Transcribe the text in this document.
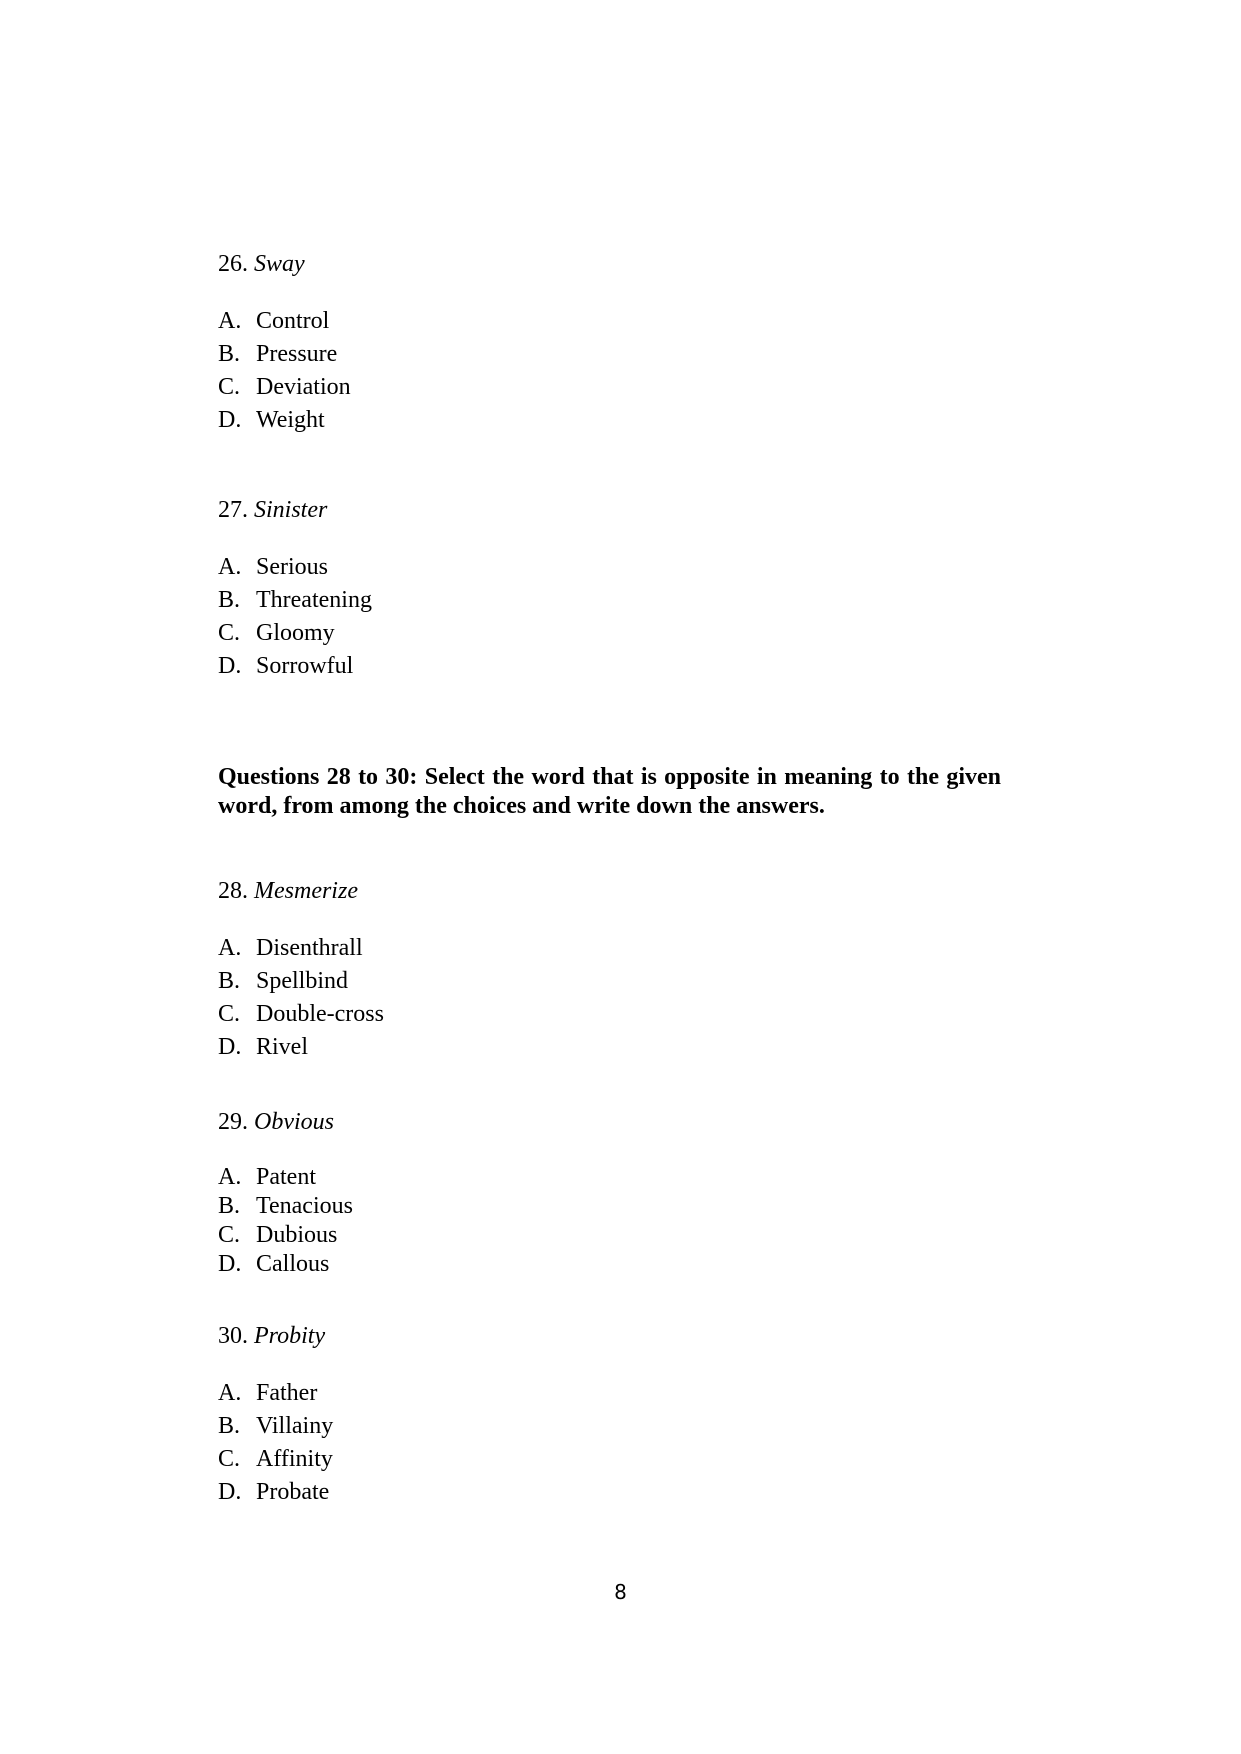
26. Sway
A. Control
B. Pressure
C. Deviation
D. Weight
27. Sinister
A. Serious
B. Threatening
C. Gloomy
D. Sorrowful
Questions 28 to 30: Select the word that is opposite in meaning to the given word, from among the choices and write down the answers.
28. Mesmerize
A. Disenthrall
B. Spellbind
C. Double-cross
D. Rivel
29. Obvious
A. Patent
B. Tenacious
C. Dubious
D. Callous
30. Probity
A. Father
B. Villainy
C. Affinity
D. Probate
8
